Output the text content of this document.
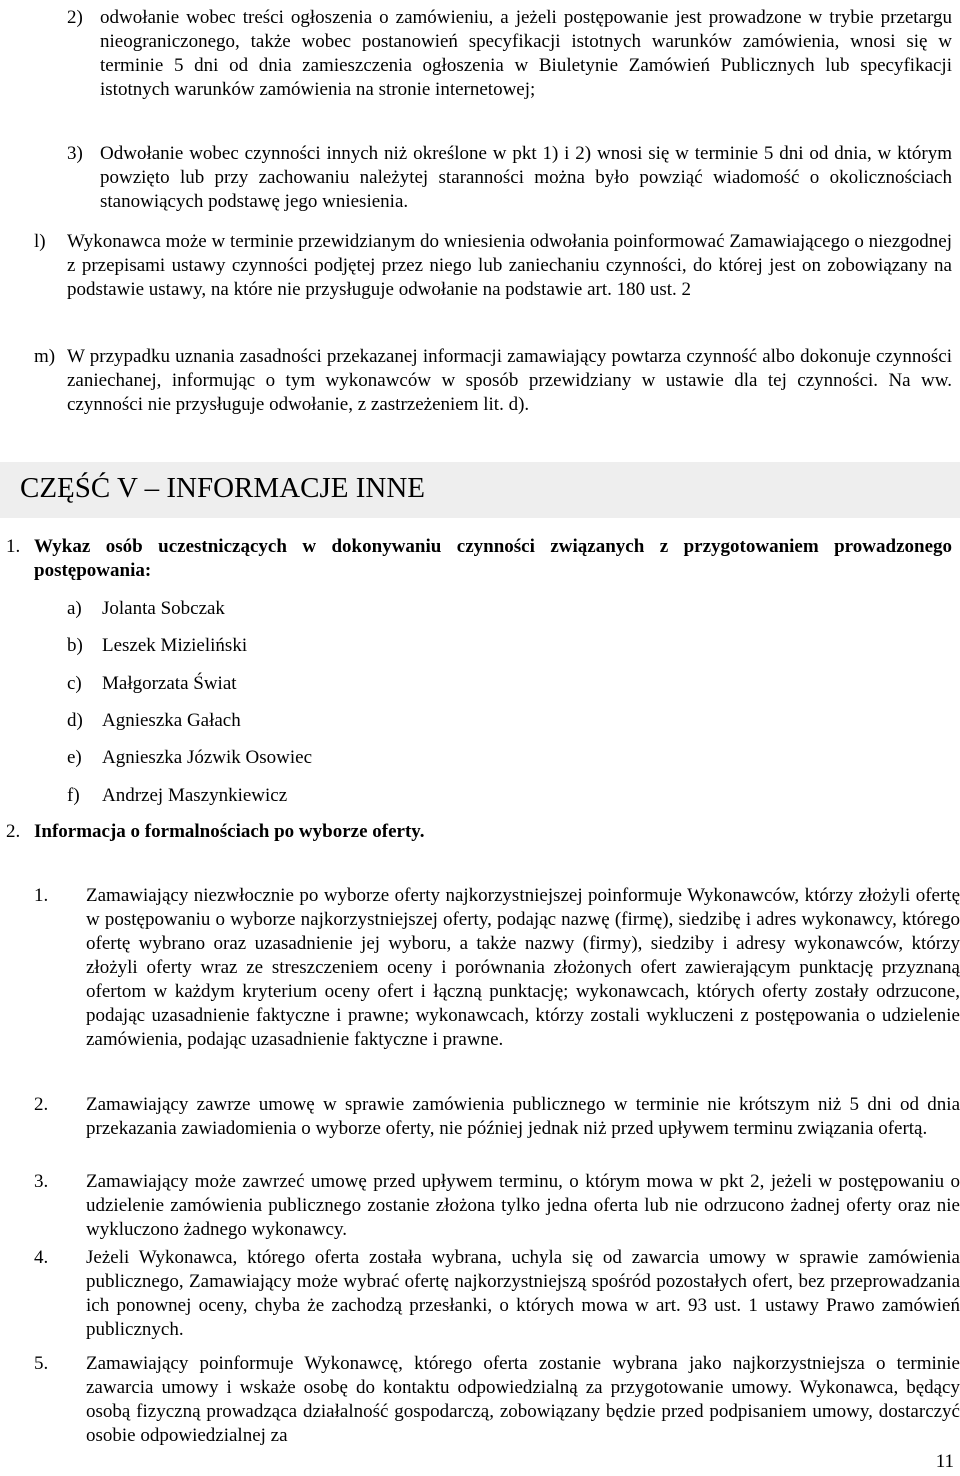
2) odwołanie wobec treści ogłoszenia o zamówieniu, a jeżeli postępowanie jest prowadzone w trybie przetargu nieograniczonego, także wobec postanowień specyfikacji istotnych warunków zamówienia, wnosi się w terminie 5 dni od dnia zamieszczenia ogłoszenia w Biuletynie Zamówień Publicznych lub specyfikacji istotnych warunków zamówienia na stronie internetowej;

3) Odwołanie wobec czynności innych niż określone w pkt 1) i 2) wnosi się w terminie 5 dni od dnia, w którym powzięto lub przy zachowaniu należytej staranności można było powziąć wiadomość o okolicznościach stanowiących podstawę jego wniesienia.

l) Wykonawca może w terminie przewidzianym do wniesienia odwołania poinformować Zamawiającego o niezgodnej z przepisami ustawy czynności podjętej przez niego lub zaniechaniu czynności, do której jest on zobowiązany na podstawie ustawy, na które nie przysługuje odwołanie na podstawie art. 180 ust. 2

m) W przypadku uznania zasadności przekazanej informacji zamawiający powtarza czynność albo dokonuje czynności zaniechanej, informując o tym wykonawców w sposób przewidziany w ustawie dla tej czynności. Na ww. czynności nie przysługuje odwołanie, z zastrzeżeniem lit. d).

CZĘŚĆ V – INFORMACJE INNE
1. Wykaz osób uczestniczących w dokonywaniu czynności związanych z przygotowaniem prowadzonego postępowania:

a) Jolanta Sobczak
b) Leszek Mizieliński
c) Małgorzata Świat
d) Agnieszka Gałach
e) Agnieszka Józwik Osowiec
f) Andrzej Maszynkiewicz
2. Informacja o formalnościach po wyborze oferty.

1. Zamawiający niezwłocznie po wyborze oferty najkorzystniejszej poinformuje Wykonawców, którzy złożyli ofertę w postępowaniu o wyborze najkorzystniejszej oferty, podając nazwę (firmę), siedzibę i adres wykonawcy, którego ofertę wybrano oraz uzasadnienie jej wyboru, a także nazwy (firmy), siedziby i adresy wykonawców, którzy złożyli oferty wraz ze streszczeniem oceny i porównania złożonych ofert zawierającym punktację przyznaną ofertom w każdym kryterium oceny ofert i łączną punktację; wykonawcach, których oferty zostały odrzucone, podając uzasadnienie faktyczne i prawne; wykonawcach, którzy zostali wykluczeni z postępowania o udzielenie zamówienia, podając uzasadnienie faktyczne i prawne.

2. Zamawiający zawrze umowę w sprawie zamówienia publicznego w terminie nie krótszym niż 5 dni od dnia przekazania zawiadomienia o wyborze oferty, nie później jednak niż przed upływem terminu związania ofertą.

3. Zamawiający może zawrzeć umowę przed upływem terminu, o którym mowa w pkt 2, jeżeli w postępowaniu o udzielenie zamówienia publicznego zostanie złożona tylko jedna oferta lub nie odrzucono żadnej oferty oraz nie wykluczono żadnego wykonawcy.

4. Jeżeli Wykonawca, którego oferta została wybrana, uchyla się od zawarcia umowy w sprawie zamówienia publicznego, Zamawiający może wybrać ofertę najkorzystniejszą spośród pozostałych ofert, bez przeprowadzania ich ponownej oceny, chyba że zachodzą przesłanki, o których mowa w art. 93 ust. 1 ustawy Prawo zamówień publicznych.

5. Zamawiający poinformuje Wykonawcę, którego oferta zostanie wybrana jako najkorzystniejsza o terminie zawarcia umowy i wskaże osobę do kontaktu odpowiedzialną za przygotowanie umowy. Wykonawca, będący osobą fizyczną prowadząca działalność gospodarczą, zobowiązany będzie przed podpisaniem umowy, dostarczyć osobie odpowiedzialnej za

11
